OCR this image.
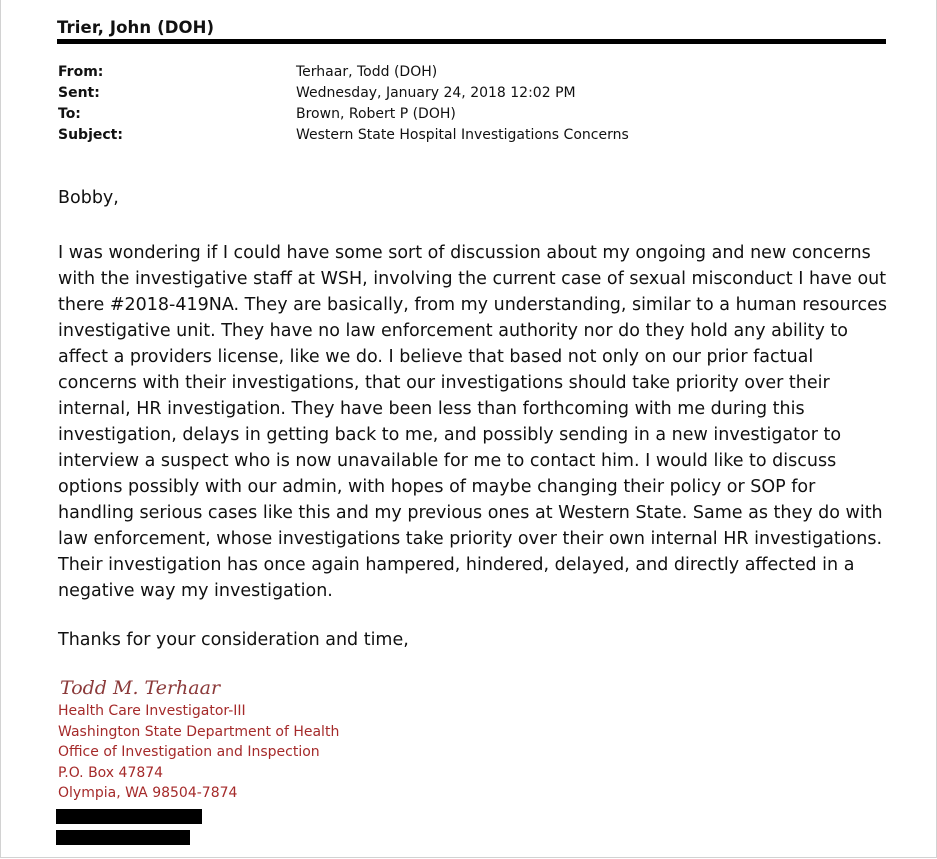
Trier, John (DOH)
From:	Terhaar, Todd (DOH)
Sent:	Wednesday, January 24, 2018 12:02 PM
To:	Brown, Robert P (DOH)
Subject:	Western State Hospital Investigations Concerns
Bobby,
I was wondering if I could have some sort of discussion about my ongoing and new concerns
with the investigative staff at WSH, involving the current case of sexual misconduct I have out
there #2018-419NA. They are basically, from my understanding, similar to a human resources
investigative unit. They have no law enforcement authority nor do they hold any ability to
affect a providers license, like we do. I believe that based not only on our prior factual
concerns with their investigations, that our investigations should take priority over their
internal, HR investigation. They have been less than forthcoming with me during this
investigation, delays in getting back to me, and possibly sending in a new investigator to
interview a suspect who is now unavailable for me to contact him. I would like to discuss
options possibly with our admin, with hopes of maybe changing their policy or SOP for
handling serious cases like this and my previous ones at Western State. Same as they do with
law enforcement, whose investigations take priority over their own internal HR investigations.
Their investigation has once again hampered, hindered, delayed, and directly affected in a
negative way my investigation.
Thanks for your consideration and time,
Todd M. Terhaar
Health Care Investigator-III
Washington State Department of Health
Office of Investigation and Inspection
P.O. Box 47874
Olympia, WA 98504-7874
